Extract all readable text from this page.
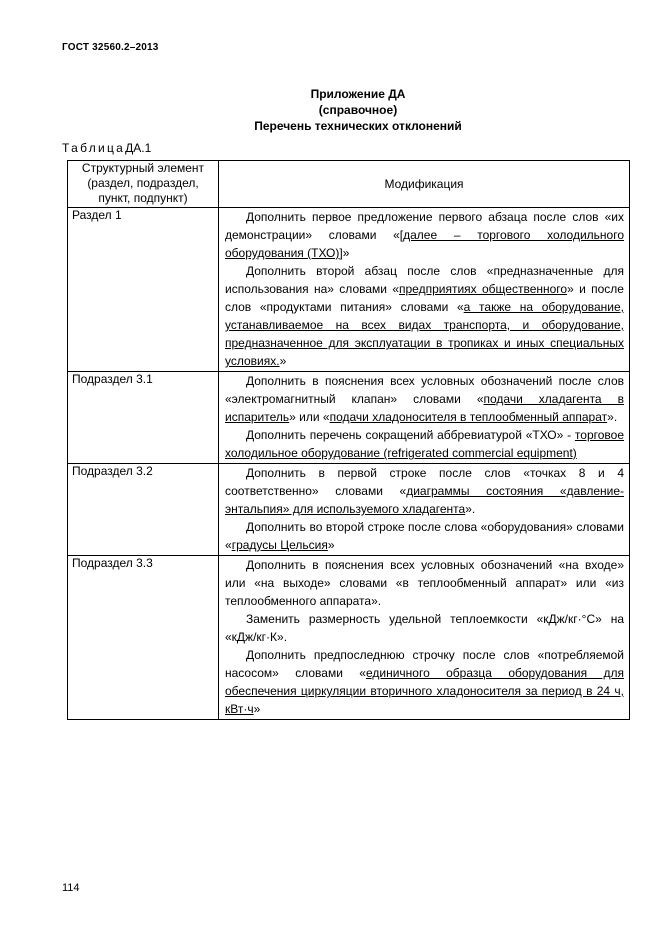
ГОСТ 32560.2–2013
Приложение ДА
(справочное)
Перечень технических отклонений
ТаблицаДА.1
Структурный элемент (раздел, подраздел, пункт, подпункт)	Модификация
Раздел 1	Дополнить первое предложение первого абзаца после слов «их демонстрации» словами «[далее – торгового холодильного оборудования (ТХО)]»

Дополнить второй абзац после слов «предназначенные для использования на» словами «предприятиях общественного» и после слов «продуктами питания» словами «а также на оборудование, устанавливаемое на всех видах транспорта, и оборудование, предназначенное для эксплуатации в тропиках и иных специальных условиях.»

Подраздел 3.1	Дополнить в пояснения всех условных обозначений после слов «электромагнитный клапан» словами «подачи хладагента в испаритель» или «подачи хладоносителя в теплообменный аппарат».

Дополнить перечень сокращений аббревиатурой «ТХО» - торговое холодильное оборудование (refrigerated commercial equipment)

Подраздел 3.2	Дополнить в первой строке после слов «точках 8 и 4 соответственно» словами «диаграммы состояния «давление-энтальпия» для используемого хладагента».

Дополнить во второй строке после слова «оборудования» словами «градусы Цельсия»

Подраздел 3.3	Дополнить в пояснения всех условных обозначений «на входе» или «на выходе» словами «в теплообменный аппарат» или «из теплообменного аппарата».

Заменить размерность удельной теплоемкости «кДж/кг·°С» на «кДж/кг·К».

Дополнить предпоследнюю строчку после слов «потребляемой насосом» словами «единичного образца оборудования для обеспечения циркуляции вторичного хладоносителя за период в 24 ч, кВт·ч»

114
